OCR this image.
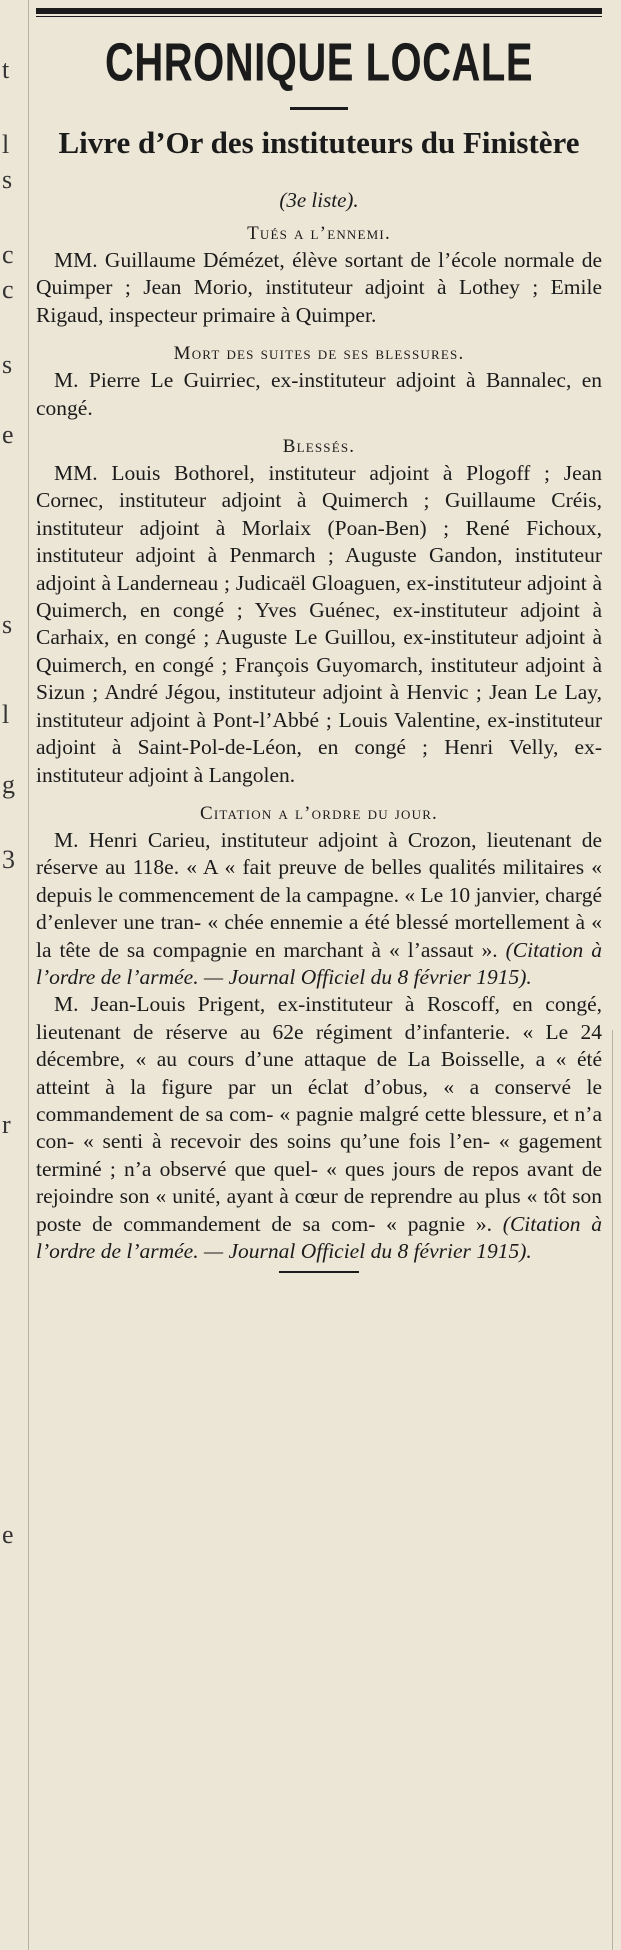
t
l
s
c
c
s
e
s
l
g
3
r
e
CHRONIQUE LOCALE
Livre d’Or des instituteurs du Finistère
(3e liste).
Tués a l’ennemi.

MM. Guillaume Démézet, élève sortant de l’école normale de Quimper ; Jean Morio, instituteur adjoint à Lothey ; Emile Rigaud, inspecteur primaire à Quimper.

Mort des suites de ses blessures.

M. Pierre Le Guirriec, ex-instituteur adjoint à Bannalec, en congé.

Blessés.

MM. Louis Bothorel, instituteur adjoint à Plogoff ; Jean Cornec, instituteur adjoint à Quimerch ; Guillaume Créis, instituteur adjoint à Morlaix (Poan-Ben) ; René Fichoux, instituteur adjoint à Penmarch ; Auguste Gandon, instituteur adjoint à Landerneau ; Judicaël Gloaguen, ex-instituteur adjoint à Quimerch, en congé ; Yves Guénec, ex-instituteur adjoint à Carhaix, en congé ; Auguste Le Guillou, ex-instituteur adjoint à Quimerch, en congé ; François Guyomarch, instituteur adjoint à Sizun ; André Jégou, instituteur adjoint à Henvic ; Jean Le Lay, instituteur adjoint à Pont-l’Abbé ; Louis Valentine, ex-instituteur adjoint à Saint-Pol-de-Léon, en congé ; Henri Velly, ex-instituteur adjoint à Langolen.

Citation a l’ordre du jour.

M. Henri Carieu, instituteur adjoint à Crozon, lieutenant de réserve au 118e. « A « fait preuve de belles qualités militaires « depuis le commencement de la campagne. « Le 10 janvier, chargé d’enlever une tran- « chée ennemie a été blessé mortellement à « la tête de sa compagnie en marchant à « l’assaut ». (Citation à l’ordre de l’armée. — Journal Officiel du 8 février 1915).

M. Jean-Louis Prigent, ex-instituteur à Roscoff, en congé, lieutenant de réserve au 62e régiment d’infanterie. « Le 24 décembre, « au cours d’une attaque de La Boisselle, a « été atteint à la figure par un éclat d’obus, « a conservé le commandement de sa com- « pagnie malgré cette blessure, et n’a con- « senti à recevoir des soins qu’une fois l’en- « gagement terminé ; n’a observé que quel- « ques jours de repos avant de rejoindre son « unité, ayant à cœur de reprendre au plus « tôt son poste de commandement de sa com- « pagnie ». (Citation à l’ordre de l’armée. — Journal Officiel du 8 février 1915).
